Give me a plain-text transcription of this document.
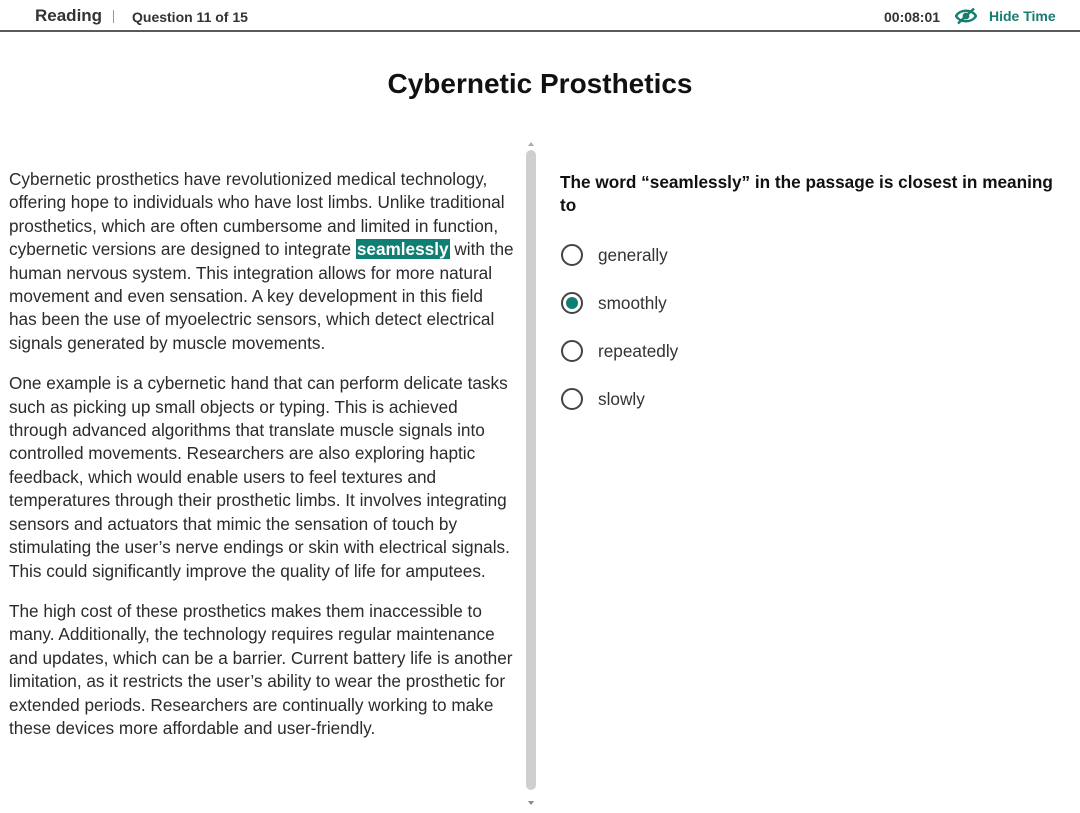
Reading Question 11 of 15	00:08:01	Hide Time
Cybernetic Prosthetics

Cybernetic prosthetics have revolutionized medical technology, offering hope to individuals who have lost limbs. Unlike traditional prosthetics, which are often cumbersome and limited in function, cybernetic versions are designed to integrate seamlessly with the human nervous system. This integration allows for more natural movement and even sensation. A key development in this field has been the use of myoelectric sensors, which detect electrical signals generated by muscle movements.

One example is a cybernetic hand that can perform delicate tasks such as picking up small objects or typing. This is achieved through advanced algorithms that translate muscle signals into controlled movements. Researchers are also exploring haptic feedback, which would enable users to feel textures and temperatures through their prosthetic limbs. It involves integrating sensors and actuators that mimic the sensation of touch by stimulating the user’s nerve endings or skin with electrical signals. This could significantly improve the quality of life for amputees.

The high cost of these prosthetics makes them inaccessible to many. Additionally, the technology requires regular maintenance and updates, which can be a barrier. Current battery life is another limitation, as it restricts the user’s ability to wear the prosthetic for extended periods. Researchers are continually working to make these devices more affordable and user-friendly.

The word “seamlessly” in the passage is closest in meaning to
generally
smoothly
repeatedly
slowly
